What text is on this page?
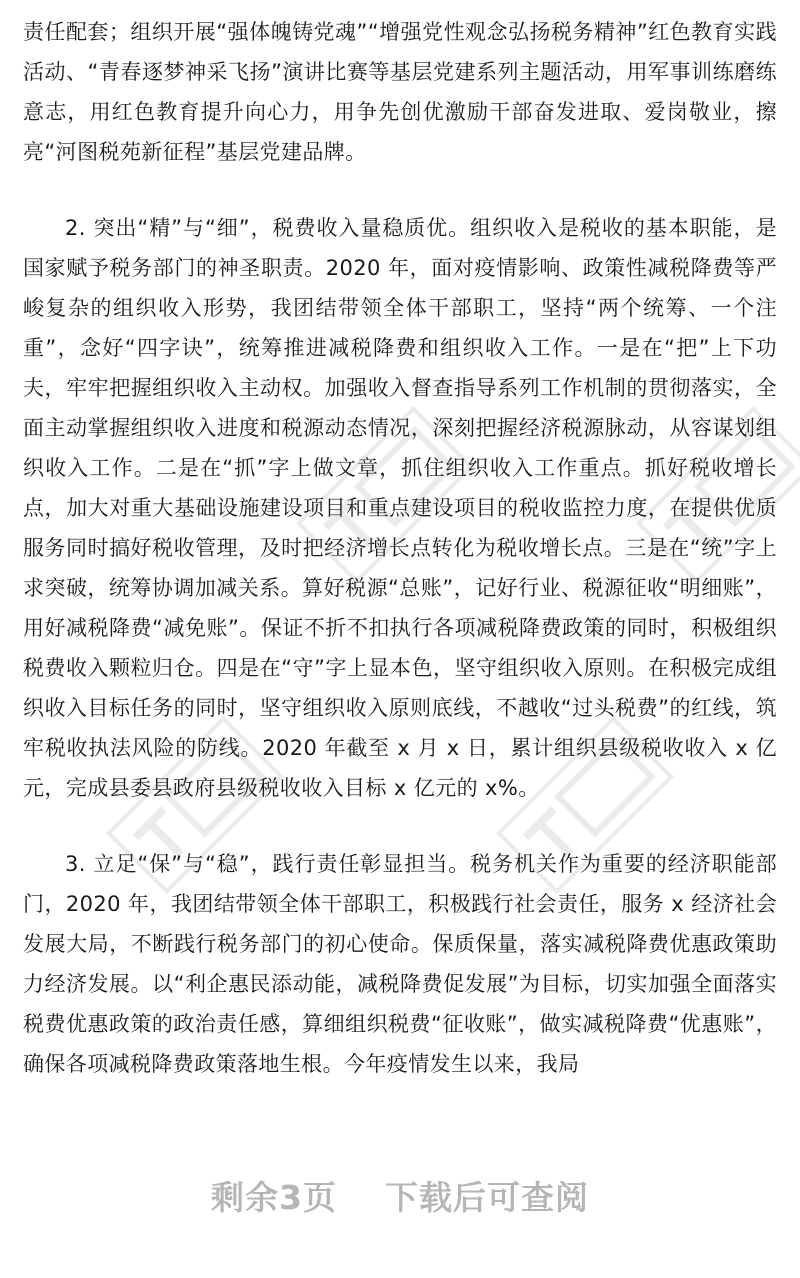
责任配套；组织开展“强体魄铸党魂”“增强党性观念弘扬税务精神”红色教育实践活动、“青春逐梦神采飞扬”演讲比赛等基层党建系列主题活动，用军事训练磨练意志，用红色教育提升向心力，用争先创优激励干部奋发进取、爱岗敬业，擦亮“河图税苑新征程”基层党建品牌。

2. 突出“精”与“细”，税费收入量稳质优。组织收入是税收的基本职能，是国家赋予税务部门的神圣职责。2020 年，面对疫情影响、政策性减税降费等严峻复杂的组织收入形势，我团结带领全体干部职工，坚持“两个统筹、一个注重”，念好“四字诀”，统筹推进减税降费和组织收入工作。一是在“把”上下功夫，牢牢把握组织收入主动权。加强收入督查指导系列工作机制的贯彻落实，全面主动掌握组织收入进度和税源动态情况，深刻把握经济税源脉动，从容谋划组织收入工作。二是在“抓”字上做文章，抓住组织收入工作重点。抓好税收增长点，加大对重大基础设施建设项目和重点建设项目的税收监控力度，在提供优质服务同时搞好税收管理，及时把经济增长点转化为税收增长点。三是在“统”字上求突破，统筹协调加减关系。算好税源“总账”，记好行业、税源征收“明细账”，用好减税降费“减免账”。保证不折不扣执行各项减税降费政策的同时，积极组织税费收入颗粒归仓。四是在“守”字上显本色，坚守组织收入原则。在积极完成组织收入目标任务的同时，坚守组织收入原则底线，不越收“过头税费”的红线，筑牢税收执法风险的防线。2020 年截至 x 月 x 日，累计组织县级税收收入 x 亿元，完成县委县政府县级税收收入目标 x 亿元的 x%。

3. 立足“保”与“稳”，践行责任彰显担当。税务机关作为重要的经济职能部门，2020 年，我团结带领全体干部职工，积极践行社会责任，服务 x 经济社会发展大局，不断践行税务部门的初心使命。保质保量，落实减税降费优惠政策助力经济发展。以“利企惠民添动能，减税降费促发展”为目标，切实加强全面落实税费优惠政策的政治责任感，算细组织税费“征收账”，做实减税降费“优惠账”，确保各项减税降费政策落地生根。今年疫情发生以来，我局

剩余3页 下载后可查阅
